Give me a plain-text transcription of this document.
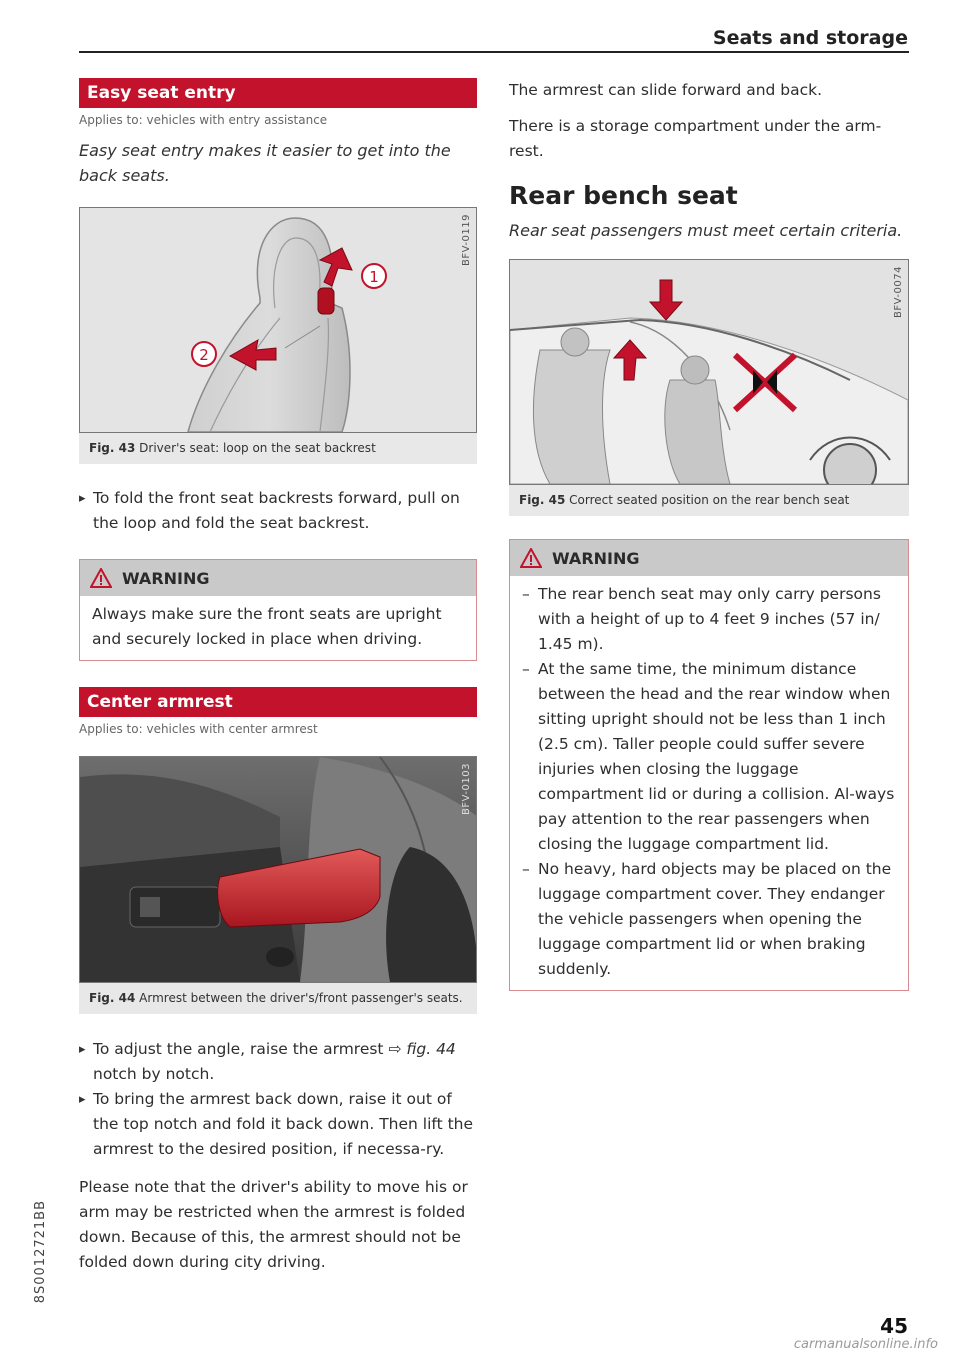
Seats and storage
Easy seat entry
Applies to: vehicles with entry assistance
Easy seat entry makes it easier to get into the back seats.
1
2
BFV-0119
Fig. 43 Driver's seat: loop on the seat backrest
▸ To fold the front seat backrests forward, pull on the loop and fold the seat backrest.
WARNING
Always make sure the front seats are upright and securely locked in place when driving.
Center armrest
Applies to: vehicles with center armrest
BFV-0103
Fig. 44 Armrest between the driver's/front passenger's seats.
▸ To adjust the angle, raise the armrest ⇨ fig. 44 notch by notch.
▸ To bring the armrest back down, raise it out of the top notch and fold it back down. Then lift the armrest to the desired position, if necessa-ry.
Please note that the driver's ability to move his or arm may be restricted when the armrest is folded down. Because of this, the armrest should not be folded down during city driving.
The armrest can slide forward and back.
There is a storage compartment under the arm-rest.
Rear bench seat
Rear seat passengers must meet certain criteria.
BFV-0074
Fig. 45 Correct seated position on the rear bench seat
WARNING
– The rear bench seat may only carry persons with a height of up to 4 feet 9 inches (57 in/ 1.45 m).
– At the same time, the minimum distance between the head and the rear window when sitting upright should not be less than 1 inch (2.5 cm). Taller people could suffer severe injuries when closing the luggage compartment lid or during a collision. Al-ways pay attention to the rear passengers when closing the luggage compartment lid.
– No heavy, hard objects may be placed on the luggage compartment cover. They endanger the vehicle passengers when opening the luggage compartment lid or when braking suddenly.
8S0012721BB
45
carmanualsonline.info
